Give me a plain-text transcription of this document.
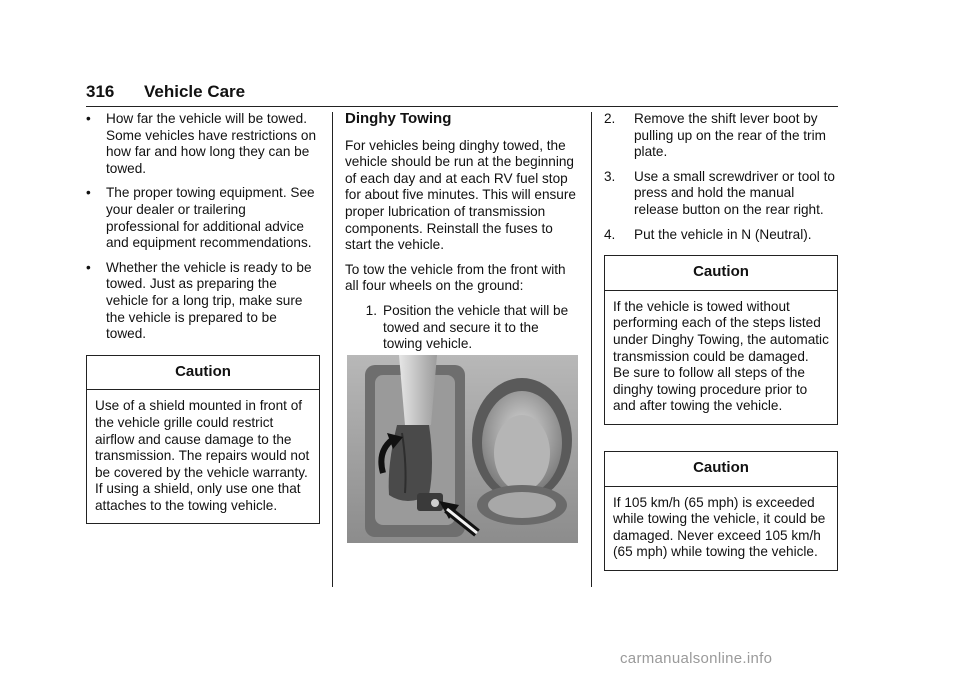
316 Vehicle Care
•	How far the vehicle will be towed. Some vehicles have restrictions on how far and how long they can be towed.
•	The proper towing equipment. See your dealer or trailering professional for additional advice and equipment recommendations.
•	Whether the vehicle is ready to be towed. Just as preparing the vehicle for a long trip, make sure the vehicle is prepared to be towed.
Caution
Use of a shield mounted in front of the vehicle grille could restrict airflow and cause damage to the transmission. The repairs would not be covered by the vehicle warranty. If using a shield, only use one that attaches to the towing vehicle.
Dinghy Towing

For vehicles being dinghy towed, the vehicle should be run at the beginning of each day and at each RV fuel stop for about five minutes. This will ensure proper lubrication of transmission components. Reinstall the fuses to start the vehicle.

To tow the vehicle from the front with all four wheels on the ground:

1. Position the vehicle that will be towed and secure it to the towing vehicle.
2.	Remove the shift lever boot by pulling up on the rear of the trim plate.
3.	Use a small screwdriver or tool to press and hold the manual release button on the rear right.
4.	Put the vehicle in N (Neutral).
Caution
If the vehicle is towed without performing each of the steps listed under Dinghy Towing, the automatic transmission could be damaged. Be sure to follow all steps of the dinghy towing procedure prior to and after towing the vehicle.
Caution
If 105 km/h (65 mph) is exceeded while towing the vehicle, it could be damaged. Never exceed 105 km/h (65 mph) while towing the vehicle.
carmanualsonline.info
